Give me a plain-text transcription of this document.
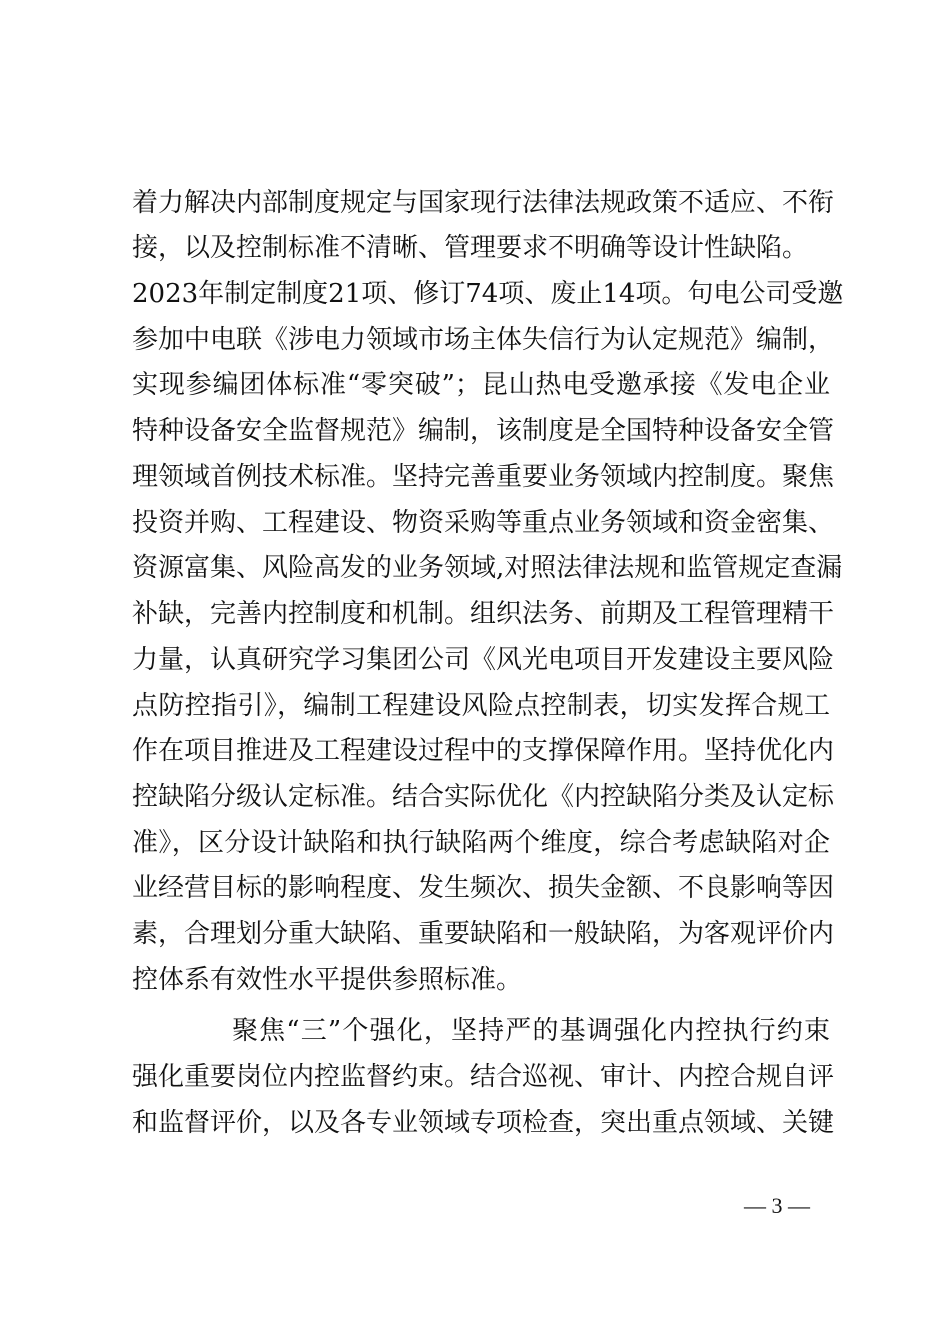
着力解决内部制度规定与国家现行法律法规政策不适应、不衔
接，以及控制标准不清晰、管理要求不明确等设计性缺陷。
2023年制定制度21项、修订74项、废止14项。句电公司受邀
参加中电联《涉电力领域市场主体失信行为认定规范》编制，
实现参编团体标准“零突破”；昆山热电受邀承接《发电企业
特种设备安全监督规范》编制，该制度是全国特种设备安全管
理领域首例技术标准。坚持完善重要业务领域内控制度。聚焦
投资并购、工程建设、物资采购等重点业务领域和资金密集、
资源富集、风险高发的业务领域,对照法律法规和监管规定查漏
补缺，完善内控制度和机制。组织法务、前期及工程管理精干
力量，认真研究学习集团公司《风光电项目开发建设主要风险
点防控指引》，编制工程建设风险点控制表，切实发挥合规工
作在项目推进及工程建设过程中的支撑保障作用。坚持优化内
控缺陷分级认定标准。结合实际优化《内控缺陷分类及认定标
准》，区分设计缺陷和执行缺陷两个维度，综合考虑缺陷对企
业经营目标的影响程度、发生频次、损失金额、不良影响等因
素，合理划分重大缺陷、重要缺陷和一般缺陷，为客观评价内
控体系有效性水平提供参照标准。
聚焦“三”个强化，坚持严的基调强化内控执行约束
强化重要岗位内控监督约束。结合巡视、审计、内控合规自评
和监督评价，以及各专业领域专项检查，突出重点领域、关键
— 3 —
